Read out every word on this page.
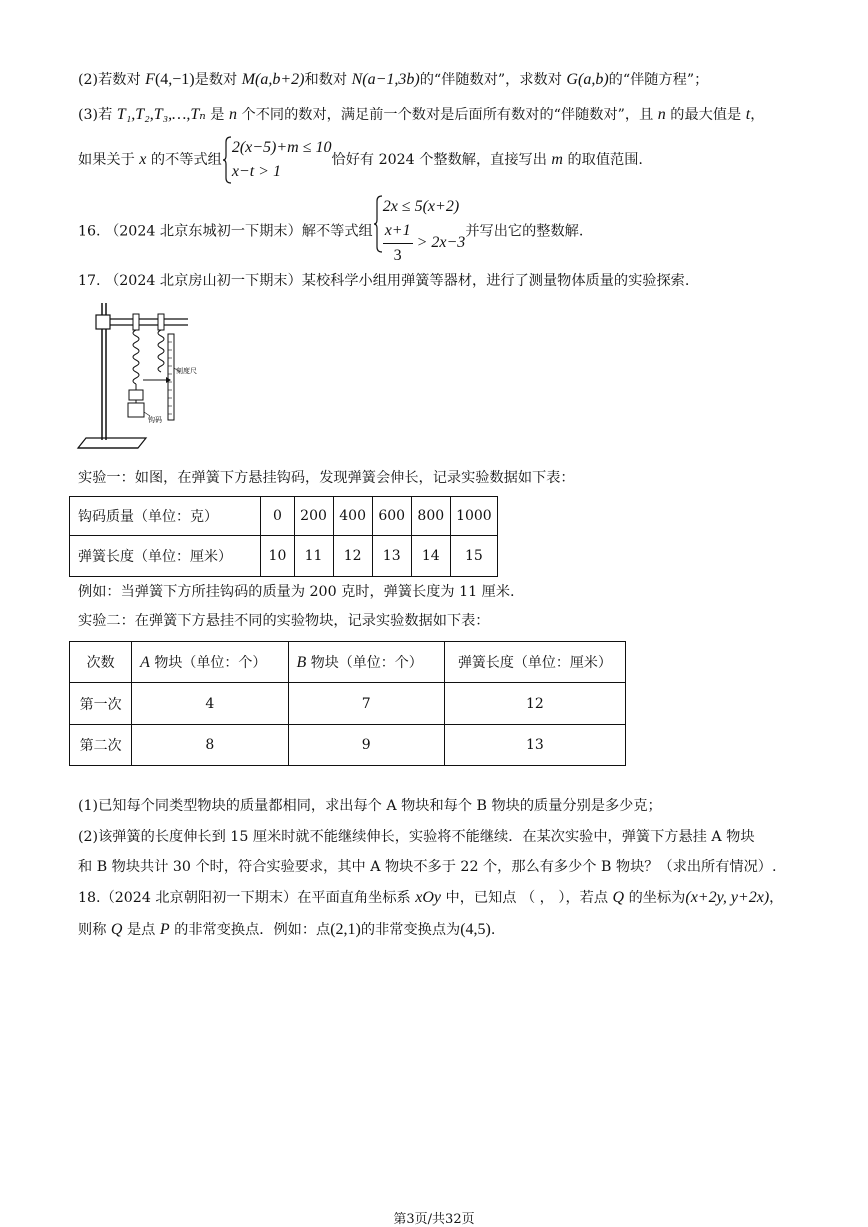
(2)若数对 F(4,−1)是数对 M(a,b+2)和数对 N(a−1,3b)的“伴随数对”，求数对 G(a,b)的“伴随方程”；
(3)若 T₁,T₂,T₃,…,Tₙ 是 n 个不同的数对，满足前一个数对是后面所有数对的“伴随数对”，且 n 的最大值是 t，
如果关于 x 的不等式组
2(x−5)+m ≤ 10
x−t > 1
恰好有 2024 个整数解，直接写出 m 的取值范围.
16. （2024 北京东城初一下期末）解不等式组
2x ≤ 5(x+2)
$\frac{x+1}{3} > 2x-3$
并写出它的整数解.
17. （2024 北京房山初一下期末）某校科学小组用弹簧等器材，进行了测量物体质量的实验探索.
刻度尺
钩码
实验一：如图，在弹簧下方悬挂钩码，发现弹簧会伸长，记录实验数据如下表：
钩码质量（单位：克）	0	200	400	600	800	1000
弹簧长度（单位：厘米）	10	11	12	13	14	15
例如：当弹簧下方所挂钩码的质量为 200 克时，弹簧长度为 11 厘米.
实验二：在弹簧下方悬挂不同的实验物块，记录实验数据如下表：
次数	A 物块（单位：个）	B 物块（单位：个）	弹簧长度（单位：厘米）
第一次	4	7	12
第二次	8	9	13
(1)已知每个同类型物块的质量都相同，求出每个 A 物块和每个 B 物块的质量分别是多少克；
(2)该弹簧的长度伸长到 15 厘米时就不能继续伸长，实验将不能继续．在某次实验中，弹簧下方悬挂 A 物块
和 B 物块共计 30 个时，符合实验要求，其中 A 物块不多于 22 个，那么有多少个 B 物块？（求出所有情况）.
18.（2024 北京朝阳初一下期末）在平面直角坐标系 xOy 中，已知点 （ ， ），若点 Q 的坐标为(x+2y, y+2x)，
则称 Q 是点 P 的非常变换点．例如：点(2,1)的非常变换点为(4,5).
第3页/共32页
